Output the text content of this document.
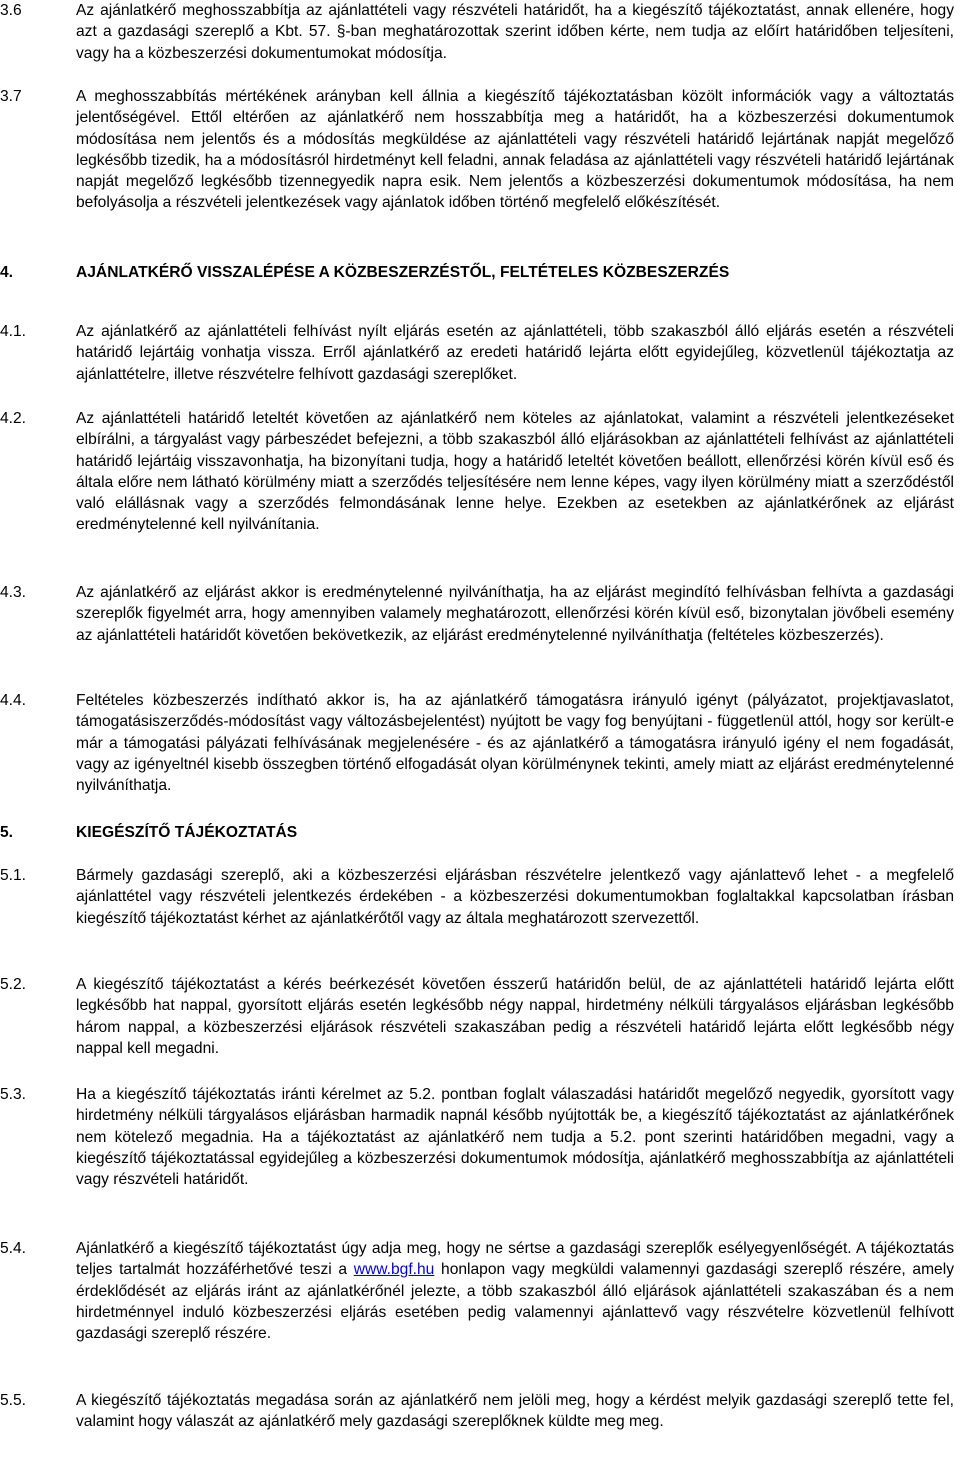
3.6	Az ajánlatkérő meghosszabbítja az ajánlattételi vagy részvételi határidőt, ha a kiegészítő tájékoztatást, annak ellenére, hogy azt a gazdasági szereplő a Kbt. 57. §-ban meghatározottak szerint időben kérte, nem tudja az előírt határidőben teljesíteni, vagy ha a közbeszerzési dokumentumokat módosítja.
3.7	A meghosszabbítás mértékének arányban kell állnia a kiegészítő tájékoztatásban közölt információk vagy a változtatás jelentőségével. Ettől eltérően az ajánlatkérő nem hosszabbítja meg a határidőt, ha a közbeszerzési dokumentumok módosítása nem jelentős és a módosítás megküldése az ajánlattételi vagy részvételi határidő lejártának napját megelőző legkésőbb tizedik, ha a módosításról hirdetményt kell feladni, annak feladása az ajánlattételi vagy részvételi határidő lejártának napját megelőző legkésőbb tizennegyedik napra esik. Nem jelentős a közbeszerzési dokumentumok módosítása, ha nem befolyásolja a részvételi jelentkezések vagy ajánlatok időben történő megfelelő előkészítését.
4.	AJÁNLATKÉRŐ VISSZALÉPÉSE A KÖZBESZERZÉSTŐL, FELTÉTELES KÖZBESZERZÉS
4.1.	Az ajánlatkérő az ajánlattételi felhívást nyílt eljárás esetén az ajánlattételi, több szakaszból álló eljárás esetén a részvételi határidő lejártáig vonhatja vissza. Erről ajánlatkérő az eredeti határidő lejárta előtt egyidejűleg, közvetlenül tájékoztatja az ajánlattételre, illetve részvételre felhívott gazdasági szereplőket.
4.2.	Az ajánlattételi határidő leteltét követően az ajánlatkérő nem köteles az ajánlatokat, valamint a részvételi jelentkezéseket elbírálni, a tárgyalást vagy párbeszédet befejezni, a több szakaszból álló eljárásokban az ajánlattételi felhívást az ajánlattételi határidő lejártáig visszavonhatja, ha bizonyítani tudja, hogy a határidő leteltét követően beállott, ellenőrzési körén kívül eső és általa előre nem látható körülmény miatt a szerződés teljesítésére nem lenne képes, vagy ilyen körülmény miatt a szerződéstől való elállásnak vagy a szerződés felmondásának lenne helye. Ezekben az esetekben az ajánlatkérőnek az eljárást eredménytelenné kell nyilvánítania.
4.3.	Az ajánlatkérő az eljárást akkor is eredménytelenné nyilváníthatja, ha az eljárást megindító felhívásban felhívta a gazdasági szereplők figyelmét arra, hogy amennyiben valamely meghatározott, ellenőrzési körén kívül eső, bizonytalan jövőbeli esemény az ajánlattételi határidőt követően bekövetkezik, az eljárást eredménytelenné nyilváníthatja (feltételes közbeszerzés).
4.4.	Feltételes közbeszerzés indítható akkor is, ha az ajánlatkérő támogatásra irányuló igényt (pályázatot, projektjavaslatot, támogatásiszerződés-módosítást vagy változásbejelentést) nyújtott be vagy fog benyújtani - függetlenül attól, hogy sor került-e már a támogatási pályázati felhívásának megjelenésére - és az ajánlatkérő a támogatásra irányuló igény el nem fogadását, vagy az igényeltnél kisebb összegben történő elfogadását olyan körülménynek tekinti, amely miatt az eljárást eredménytelenné nyilváníthatja.
5.	KIEGÉSZÍTŐ TÁJÉKOZTATÁS
5.1.	Bármely gazdasági szereplő, aki a közbeszerzési eljárásban részvételre jelentkező vagy ajánlattevő lehet - a megfelelő ajánlattétel vagy részvételi jelentkezés érdekében - a közbeszerzési dokumentumokban foglaltakkal kapcsolatban írásban kiegészítő tájékoztatást kérhet az ajánlatkérőtől vagy az általa meghatározott szervezettől.
5.2.	A kiegészítő tájékoztatást a kérés beérkezését követően ésszerű határidőn belül, de az ajánlattételi határidő lejárta előtt legkésőbb hat nappal, gyorsított eljárás esetén legkésőbb négy nappal, hirdetmény nélküli tárgyalásos eljárásban legkésőbb három nappal, a közbeszerzési eljárások részvételi szakaszában pedig a részvételi határidő lejárta előtt legkésőbb négy nappal kell megadni.
5.3.	Ha a kiegészítő tájékoztatás iránti kérelmet az 5.2. pontban foglalt válaszadási határidőt megelőző negyedik, gyorsított vagy hirdetmény nélküli tárgyalásos eljárásban harmadik napnál később nyújtották be, a kiegészítő tájékoztatást az ajánlatkérőnek nem kötelező megadnia. Ha a tájékoztatást az ajánlatkérő nem tudja a 5.2. pont szerinti határidőben megadni, vagy a kiegészítő tájékoztatással egyidejűleg a közbeszerzési dokumentumok módosítja, ajánlatkérő meghosszabbítja az ajánlattételi vagy részvételi határidőt.
5.4.	Ajánlatkérő a kiegészítő tájékoztatást úgy adja meg, hogy ne sértse a gazdasági szereplők esélyegyenlőségét. A tájékoztatás teljes tartalmát hozzáférhetővé teszi a www.bgf.hu honlapon vagy megküldi valamennyi gazdasági szereplő részére, amely érdeklődését az eljárás iránt az ajánlatkérőnél jelezte, a több szakaszból álló eljárások ajánlattételi szakaszában és a nem hirdetménnyel induló közbeszerzési eljárás esetében pedig valamennyi ajánlattevő vagy részvételre közvetlenül felhívott gazdasági szereplő részére.
5.5.	A kiegészítő tájékoztatás megadása során az ajánlatkérő nem jelöli meg, hogy a kérdést melyik gazdasági szereplő tette fel, valamint hogy válaszát az ajánlatkérő mely gazdasági szereplőknek küldte meg meg.
